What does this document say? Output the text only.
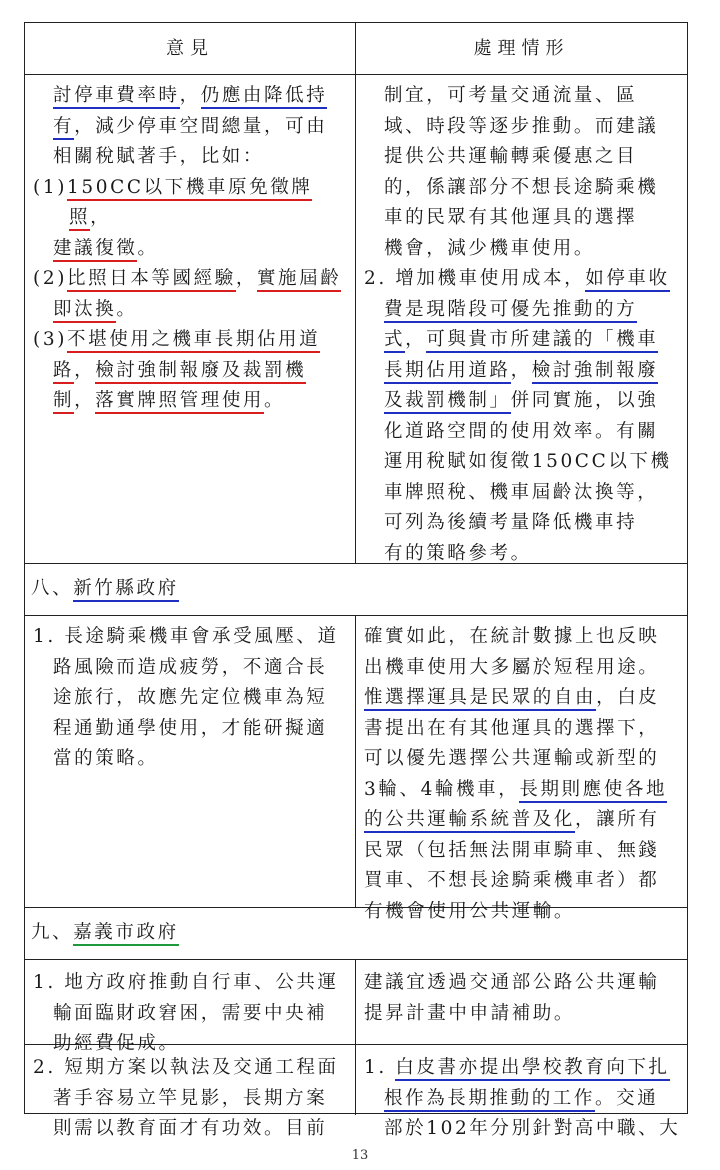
意見	處理情形
討停車費率時，仍應由降低持
有，減少停車空間總量，可由
相關稅賦著手，比如：
(1)150CC以下機車原免徵牌照，
建議復徵。
(2)比照日本等國經驗，實施屆齡
即汰換。
(3)不堪使用之機車長期佔用道
路，檢討強制報廢及裁罰機
制，落實牌照管理使用。
制宜，可考量交通流量、區
域、時段等逐步推動。而建議
提供公共運輸轉乘優惠之目
的，係讓部分不想長途騎乘機
車的民眾有其他運具的選擇
機會，減少機車使用。
2. 增加機車使用成本，如停車收
費是現階段可優先推動的方
式，可與貴市所建議的「機車
長期佔用道路，檢討強制報廢
及裁罰機制」併同實施，以強
化道路空間的使用效率。有關
運用稅賦如復徵150CC以下機
車牌照稅、機車屆齡汰換等，
可列為後續考量降低機車持
有的策略參考。
八、新竹縣政府
1. 長途騎乘機車會承受風壓、道
路風險而造成疲勞，不適合長
途旅行，故應先定位機車為短
程通勤通學使用，才能研擬適
當的策略。
確實如此，在統計數據上也反映
出機車使用大多屬於短程用途。
惟選擇運具是民眾的自由，白皮
書提出在有其他運具的選擇下，
可以優先選擇公共運輸或新型的
3輪、4輪機車，長期則應使各地
的公共運輸系統普及化，讓所有
民眾（包括無法開車騎車、無錢
買車、不想長途騎乘機車者）都
有機會使用公共運輸。
九、嘉義市政府
1. 地方政府推動自行車、公共運
輸面臨財政窘困，需要中央補
助經費促成。
建議宜透過交通部公路公共運輸
提昇計畫中申請補助。
2. 短期方案以執法及交通工程面
著手容易立竿見影，長期方案
則需以教育面才有功效。目前
1. 白皮書亦提出學校教育向下扎
根作為長期推動的工作。交通
部於102年分別針對高中職、大
13
